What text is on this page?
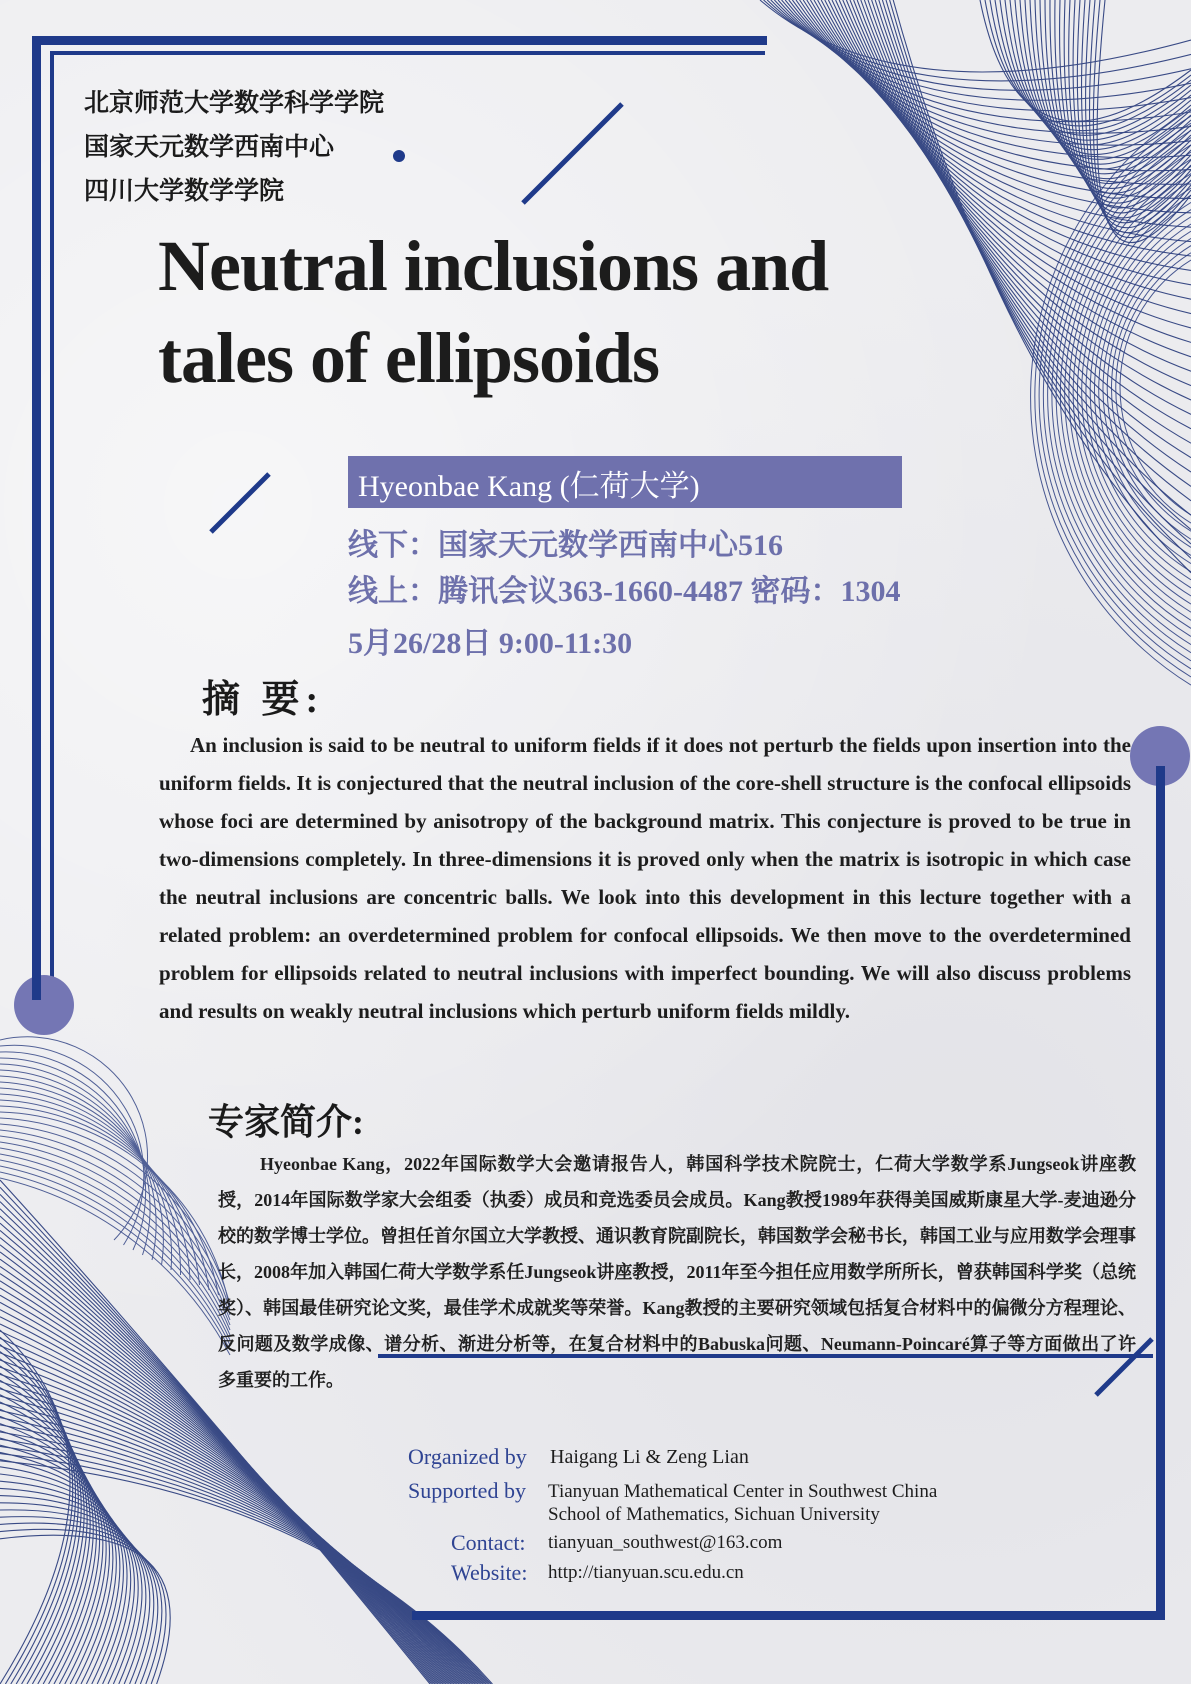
北京师范大学数学科学学院
国家天元数学西南中心
四川大学数学学院
Neutral inclusions and
tales of ellipsoids
Hyeonbae Kang (仁荷大学)
线下：国家天元数学西南中心516
线上：腾讯会议363-1660-4487 密码：1304
5月26/28日 9:00-11:30
摘 要:
An inclusion is said to be neutral to uniform fields if it does not perturb the fields upon insertion into the uniform fields. It is conjectured that the neutral inclusion of the core-shell structure is the confocal ellipsoids whose foci are determined by anisotropy of the background matrix. This conjecture is proved to be true in two-dimensions completely. In three-dimensions it is proved only when the matrix is isotropic in which case the neutral inclusions are concentric balls. We look into this development in this lecture together with a related problem: an overdetermined problem for confocal ellipsoids. We then move to the overdetermined problem for ellipsoids related to neutral inclusions with imperfect bounding. We will also discuss problems and results on weakly neutral inclusions which perturb uniform fields mildly.
专家简介:
Hyeonbae Kang，2022年国际数学大会邀请报告人，韩国科学技术院院士，仁荷大学数学系Jungseok讲座教授，2014年国际数学家大会组委（执委）成员和竞选委员会成员。Kang教授1989年获得美国威斯康星大学-麦迪逊分校的数学博士学位。曾担任首尔国立大学教授、通识教育院副院长，韩国数学会秘书长，韩国工业与应用数学会理事长，2008年加入韩国仁荷大学数学系任Jungseok讲座教授，2011年至今担任应用数学所所长，曾获韩国科学奖（总统奖）、韩国最佳研究论文奖，最佳学术成就奖等荣誉。Kang教授的主要研究领域包括复合材料中的偏微分方程理论、反问题及数学成像、谱分析、渐进分析等，在复合材料中的Babuska问题、Neumann-Poincaré算子等方面做出了许多重要的工作。
Organized by Haigang Li & Zeng Lian
Supported by Tianyuan Mathematical Center in Southwest China
School of Mathematics, Sichuan University
Contact: tianyuan_southwest@163.com
Website: http://tianyuan.scu.edu.cn
